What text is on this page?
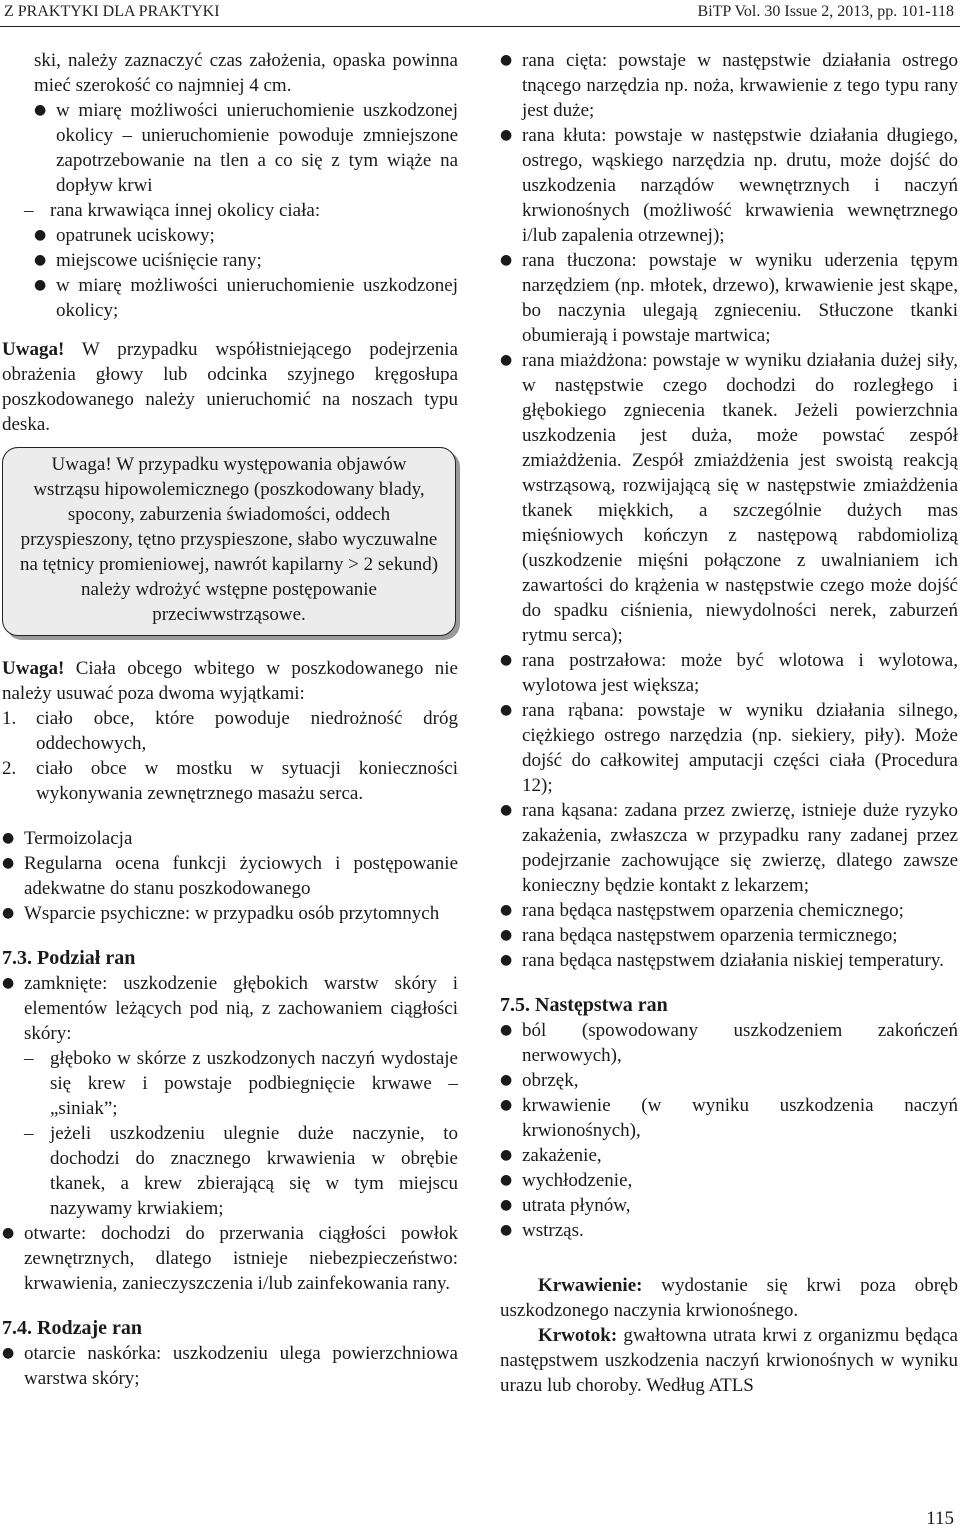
Z PRAKTYKI DLA PRAKTYKI	BiTP Vol. 30 Issue 2, 2013, pp. 101-118

ski, należy zaznaczyć czas założenia, opaska powinna mieć szerokość co najmniej 4 cm.

● w miarę możliwości unieruchomienie uszkodzonej okolicy – unieruchomienie powoduje zmniejszone zapotrzebowanie na tlen a co się z tym wiąże na dopływ krwi
– rana krwawiąca innej okolicy ciała:
● opatrunek uciskowy;
● miejscowe uciśnięcie rany;
● w miarę możliwości unieruchomienie uszkodzonej okolicy;

Uwaga! W przypadku współistniejącego podejrzenia obrażenia głowy lub odcinka szyjnego kręgosłupa poszkodowanego należy unieruchomić na noszach typu deska.

Uwaga! W przypadku występowania objawów wstrząsu hipowolemicznego (poszkodowany blady, spocony, zaburzenia świadomości, oddech przyspieszony, tętno przyspieszone, słabo wyczuwalne na tętnicy promieniowej, nawrót kapilarny > 2 sekund) należy wdrożyć wstępne postępowanie przeciwwstrząsowe.

Uwaga! Ciała obcego wbitego w poszkodowanego nie należy usuwać poza dwoma wyjątkami:

1. ciało obce, które powoduje niedrożność dróg oddechowych,
2. ciało obce w mostku w sytuacji konieczności wykonywania zewnętrznego masażu serca.
● Termoizolacja
● Regularna ocena funkcji życiowych i postępowanie adekwatne do stanu poszkodowanego
● Wsparcie psychiczne: w przypadku osób przytomnych

7.3. Podział ran

● zamknięte: uszkodzenie głębokich warstw skóry i elementów leżących pod nią, z zachowaniem ciągłości skóry:
– głęboko w skórze z uszkodzonych naczyń wydostaje się krew i powstaje podbiegnięcie krwawe – „siniak”;
– jeżeli uszkodzeniu ulegnie duże naczynie, to dochodzi do znacznego krwawienia w obrębie tkanek, a krew zbierającą się w tym miejscu nazywamy krwiakiem;
● otwarte: dochodzi do przerwania ciągłości powłok zewnętrznych, dlatego istnieje niebezpieczeństwo: krwawienia, zanieczyszczenia i/lub zainfekowania rany.

7.4. Rodzaje ran

● otarcie naskórka: uszkodzeniu ulega powierzchniowa warstwa skóry;
● rana cięta: powstaje w następstwie działania ostrego tnącego narzędzia np. noża, krwawienie z tego typu rany jest duże;
● rana kłuta: powstaje w następstwie działania długiego, ostrego, wąskiego narzędzia np. drutu, może dojść do uszkodzenia narządów wewnętrznych i naczyń krwionośnych (możliwość krwawienia wewnętrznego i/lub zapalenia otrzewnej);
● rana tłuczona: powstaje w wyniku uderzenia tępym narzędziem (np. młotek, drzewo), krwawienie jest skąpe, bo naczynia ulegają zgnieceniu. Stłuczone tkanki obumierają i powstaje martwica;
● rana miażdżona: powstaje w wyniku działania dużej siły, w następstwie czego dochodzi do rozległego i głębokiego zgniecenia tkanek. Jeżeli powierzchnia uszkodzenia jest duża, może powstać zespół zmiażdżenia. Zespół zmiażdżenia jest swoistą reakcją wstrząsową, rozwijającą się w następstwie zmiażdżenia tkanek miękkich, a szczególnie dużych mas mięśniowych kończyn z następową rabdomiolizą (uszkodzenie mięśni połączone z uwalnianiem ich zawartości do krążenia w następstwie czego może dojść do spadku ciśnienia, niewydolności nerek, zaburzeń rytmu serca);
● rana postrzałowa: może być wlotowa i wylotowa, wylotowa jest większa;
● rana rąbana: powstaje w wyniku działania silnego, ciężkiego ostrego narzędzia (np. siekiery, piły). Może dojść do całkowitej amputacji części ciała (Procedura 12);
● rana kąsana: zadana przez zwierzę, istnieje duże ryzyko zakażenia, zwłaszcza w przypadku rany zadanej przez podejrzanie zachowujące się zwierzę, dlatego zawsze konieczny będzie kontakt z lekarzem;
● rana będąca następstwem oparzenia chemicznego;
● rana będąca następstwem oparzenia termicznego;
● rana będąca następstwem działania niskiej temperatury.

7.5. Następstwa ran

● ból (spowodowany uszkodzeniem zakończeń nerwowych),
● obrzęk,
● krwawienie (w wyniku uszkodzenia naczyń krwionośnych),
● zakażenie,
● wychłodzenie,
● utrata płynów,
● wstrząs.

Krwawienie: wydostanie się krwi poza obręb uszkodzonego naczynia krwionośnego.

Krwotok: gwałtowna utrata krwi z organizmu będąca następstwem uszkodzenia naczyń krwionośnych w wyniku urazu lub choroby. Według ATLS

115
